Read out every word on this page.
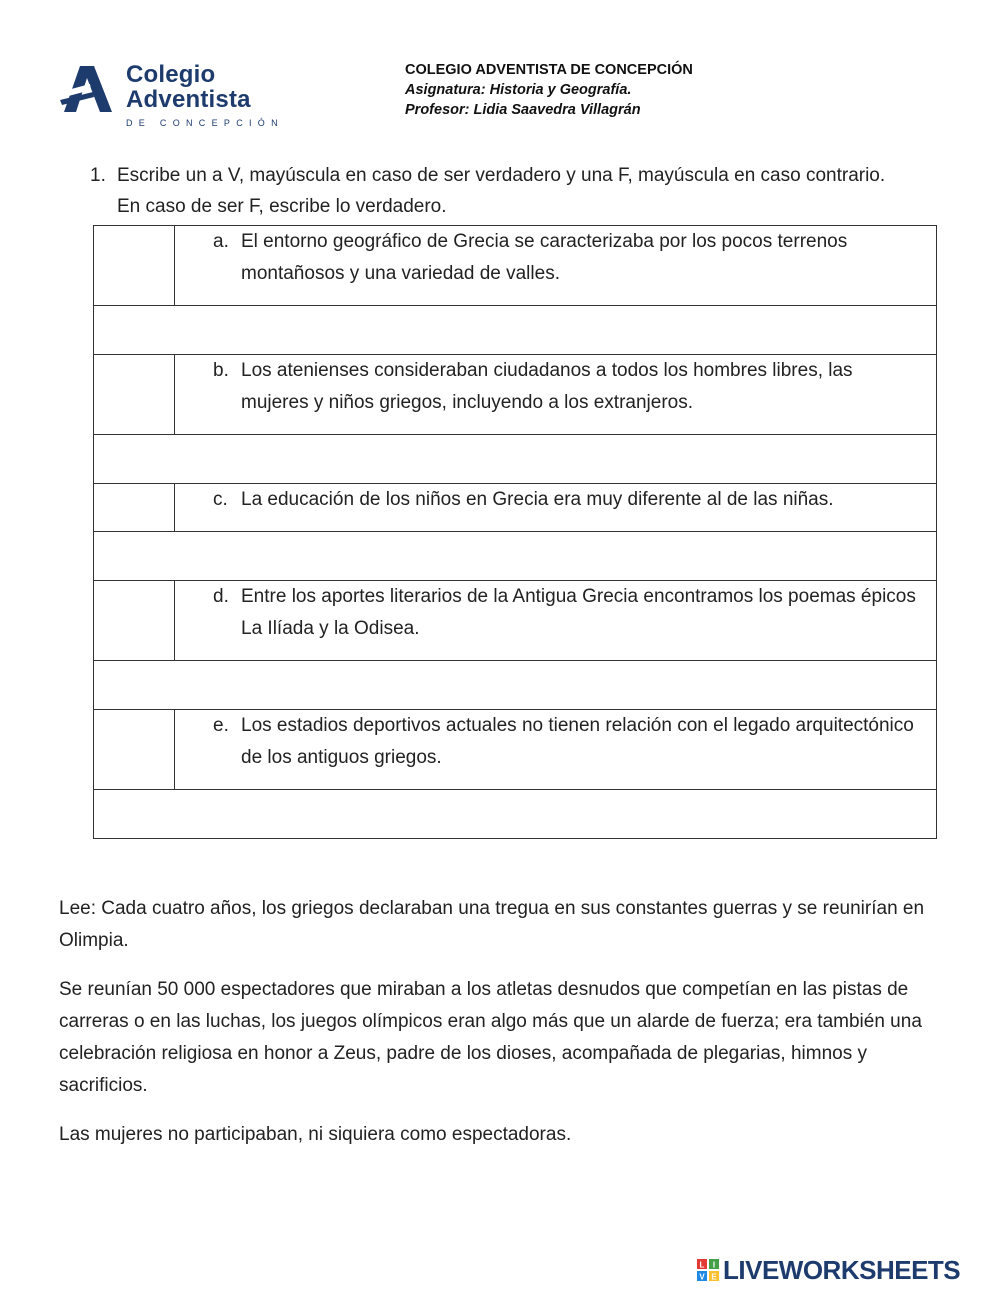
Colegio
Adventista
DE CONCEPCIÓN
COLEGIO ADVENTISTA DE CONCEPCIÓN
Asignatura: Historia y Geografía.
Profesor: Lidia Saavedra Villagrán
1. Escribe un a V, mayúscula en caso de ser verdadero y una F, mayúscula en caso contrario. En caso de ser F, escribe lo verdadero.

	a. El entorno geográfico de Grecia se caracterizaba por los pocos terrenos montañosos y una variedad de valles.

	b. Los atenienses consideraban ciudadanos a todos los hombres libres, las mujeres y niños griegos, incluyendo a los extranjeros.

	c. La educación de los niños en Grecia era muy diferente al de las niñas.

	d. Entre los aportes literarios de la Antigua Grecia encontramos los poemas épicos La Ilíada y la Odisea.

	e. Los estadios deportivos actuales no tienen relación con el legado arquitectónico de los antiguos griegos.

Lee: Cada cuatro años, los griegos declaraban una tregua en sus constantes guerras y se reunirían en Olimpia.

Se reunían 50 000 espectadores que miraban a los atletas desnudos que competían en las pistas de carreras o en las luchas, los juegos olímpicos eran algo más que un alarde de fuerza; era también una celebración religiosa en honor a Zeus, padre de los dioses, acompañada de plegarias, himnos y sacrificios.

Las mujeres no participaban, ni siquiera como espectadoras.

L I
V E LIVEWORKSHEETS
